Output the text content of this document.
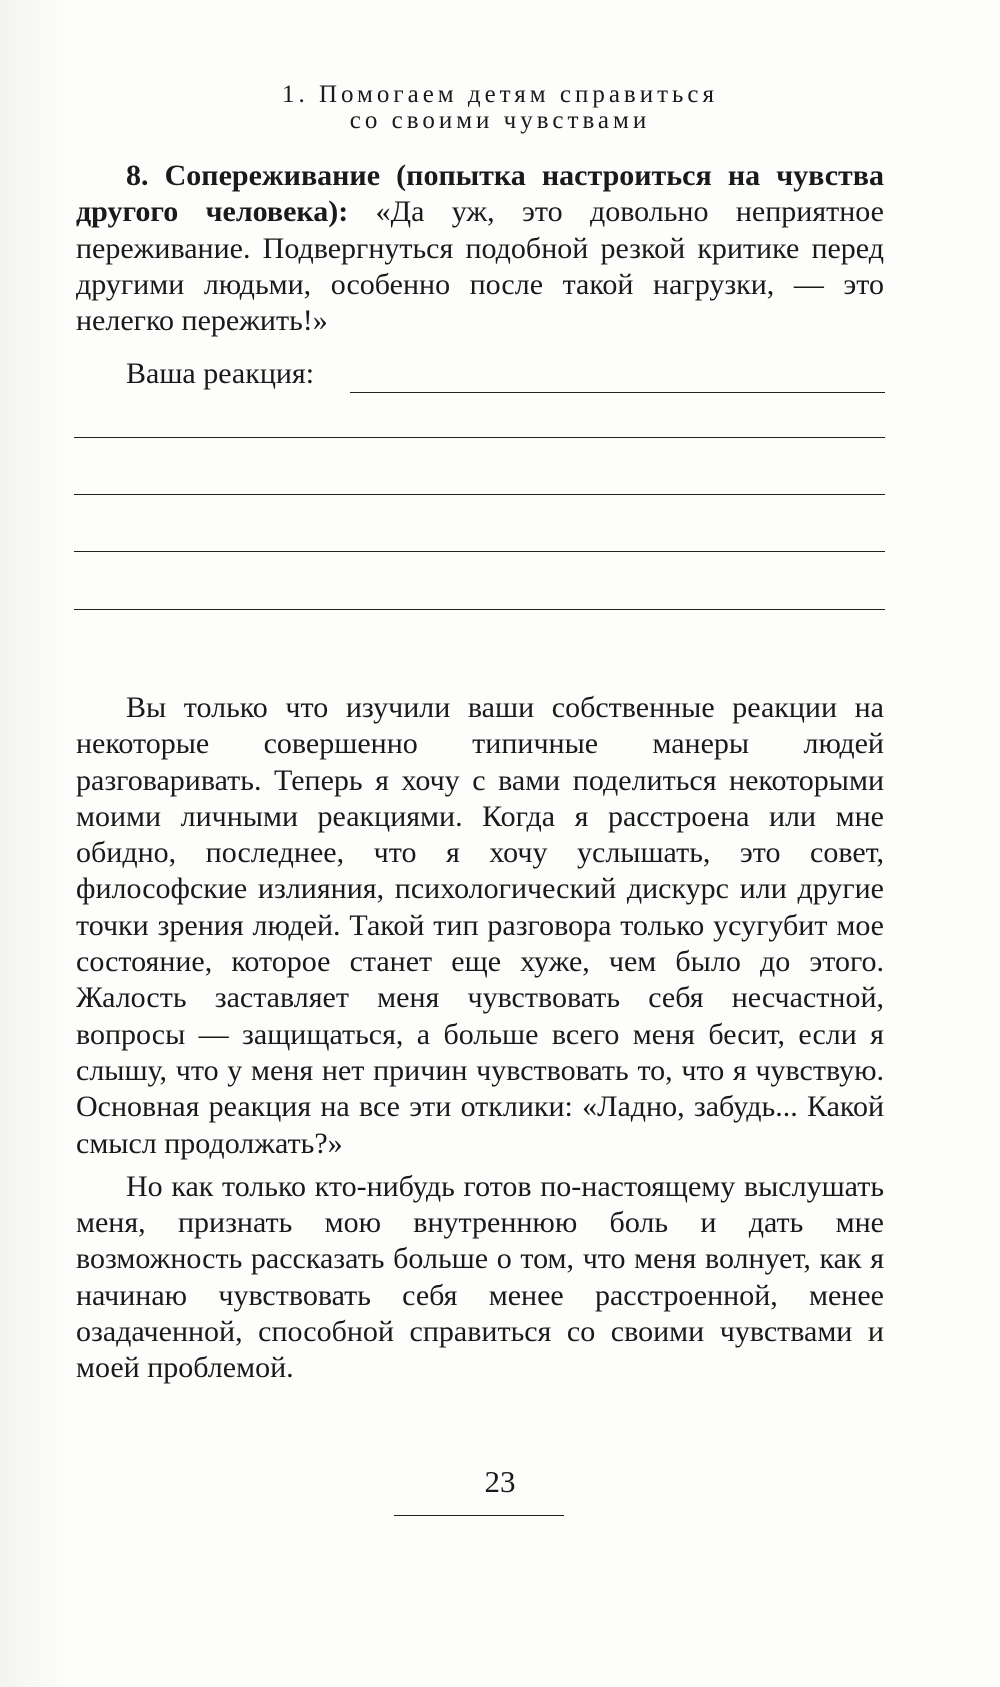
1. Помогаем детям справиться
со своими чувствами

8. Сопереживание (попытка настроиться на чувства другого человека): «Да уж, это довольно неприятное переживание. Подвергнуться подобной резкой критике перед другими людьми, особенно после такой нагрузки, — это нелегко пережить!»

Ваша реакция:

Вы только что изучили ваши собственные реакции на некоторые совершенно типичные манеры людей разговаривать. Теперь я хочу с вами поделиться некоторыми моими личными реакциями. Когда я расстроена или мне обидно, последнее, что я хочу услышать, это совет, философские излияния, психологический дискурс или другие точки зрения людей. Такой тип разговора только усугубит мое состояние, которое станет еще хуже, чем было до этого. Жалость заставляет меня чувствовать себя несчастной, вопросы — защищаться, а больше всего меня бесит, если я слышу, что у меня нет причин чувствовать то, что я чувствую. Основная реакция на все эти отклики: «Ладно, забудь... Какой смысл продолжать?»

Но как только кто-нибудь готов по-настоящему выслушать меня, признать мою внутреннюю боль и дать мне возможность рассказать больше о том, что меня волнует, как я начинаю чувствовать себя менее расстроенной, менее озадаченной, способной справиться со своими чувствами и моей проблемой.

23
